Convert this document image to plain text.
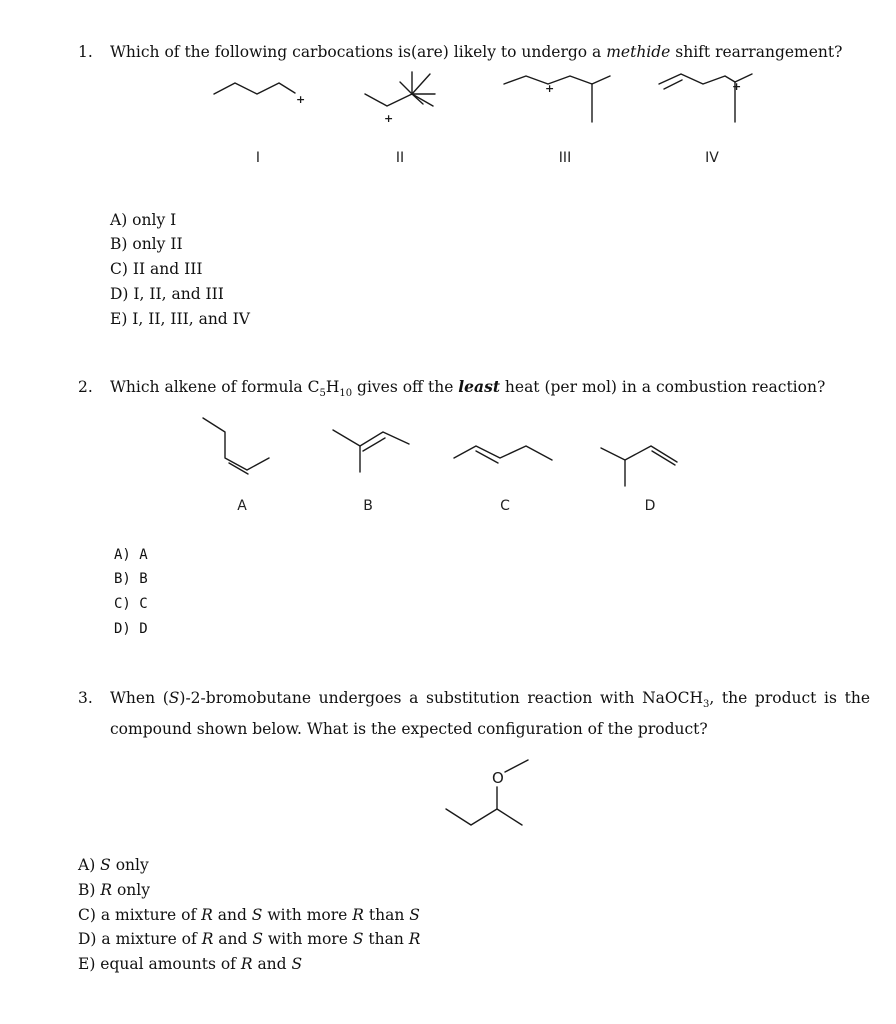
1. Which of the following carbocations is(are) likely to undergo a methide shift rearrangement?
+
+
+	+
I	II	III	IV
A) only I
B) only II
C) II and III
D) I, II, and III
E) I, II, III, and IV
2. Which alkene of formula $C_5H_{10}$ gives off the least heat (per mol) in a combustion reaction?
A	B	C	D
A) A
B) B
C) C
D) D
3. When (S)-2-bromobutane undergoes a substitution reaction with NaOCH$_3$, the product is the compound shown below. What is the expected configuration of the product?
O
A) S only
B) R only
C) a mixture of R and S with more R than S
D) a mixture of R and S with more S than R
E) equal amounts of R and S
